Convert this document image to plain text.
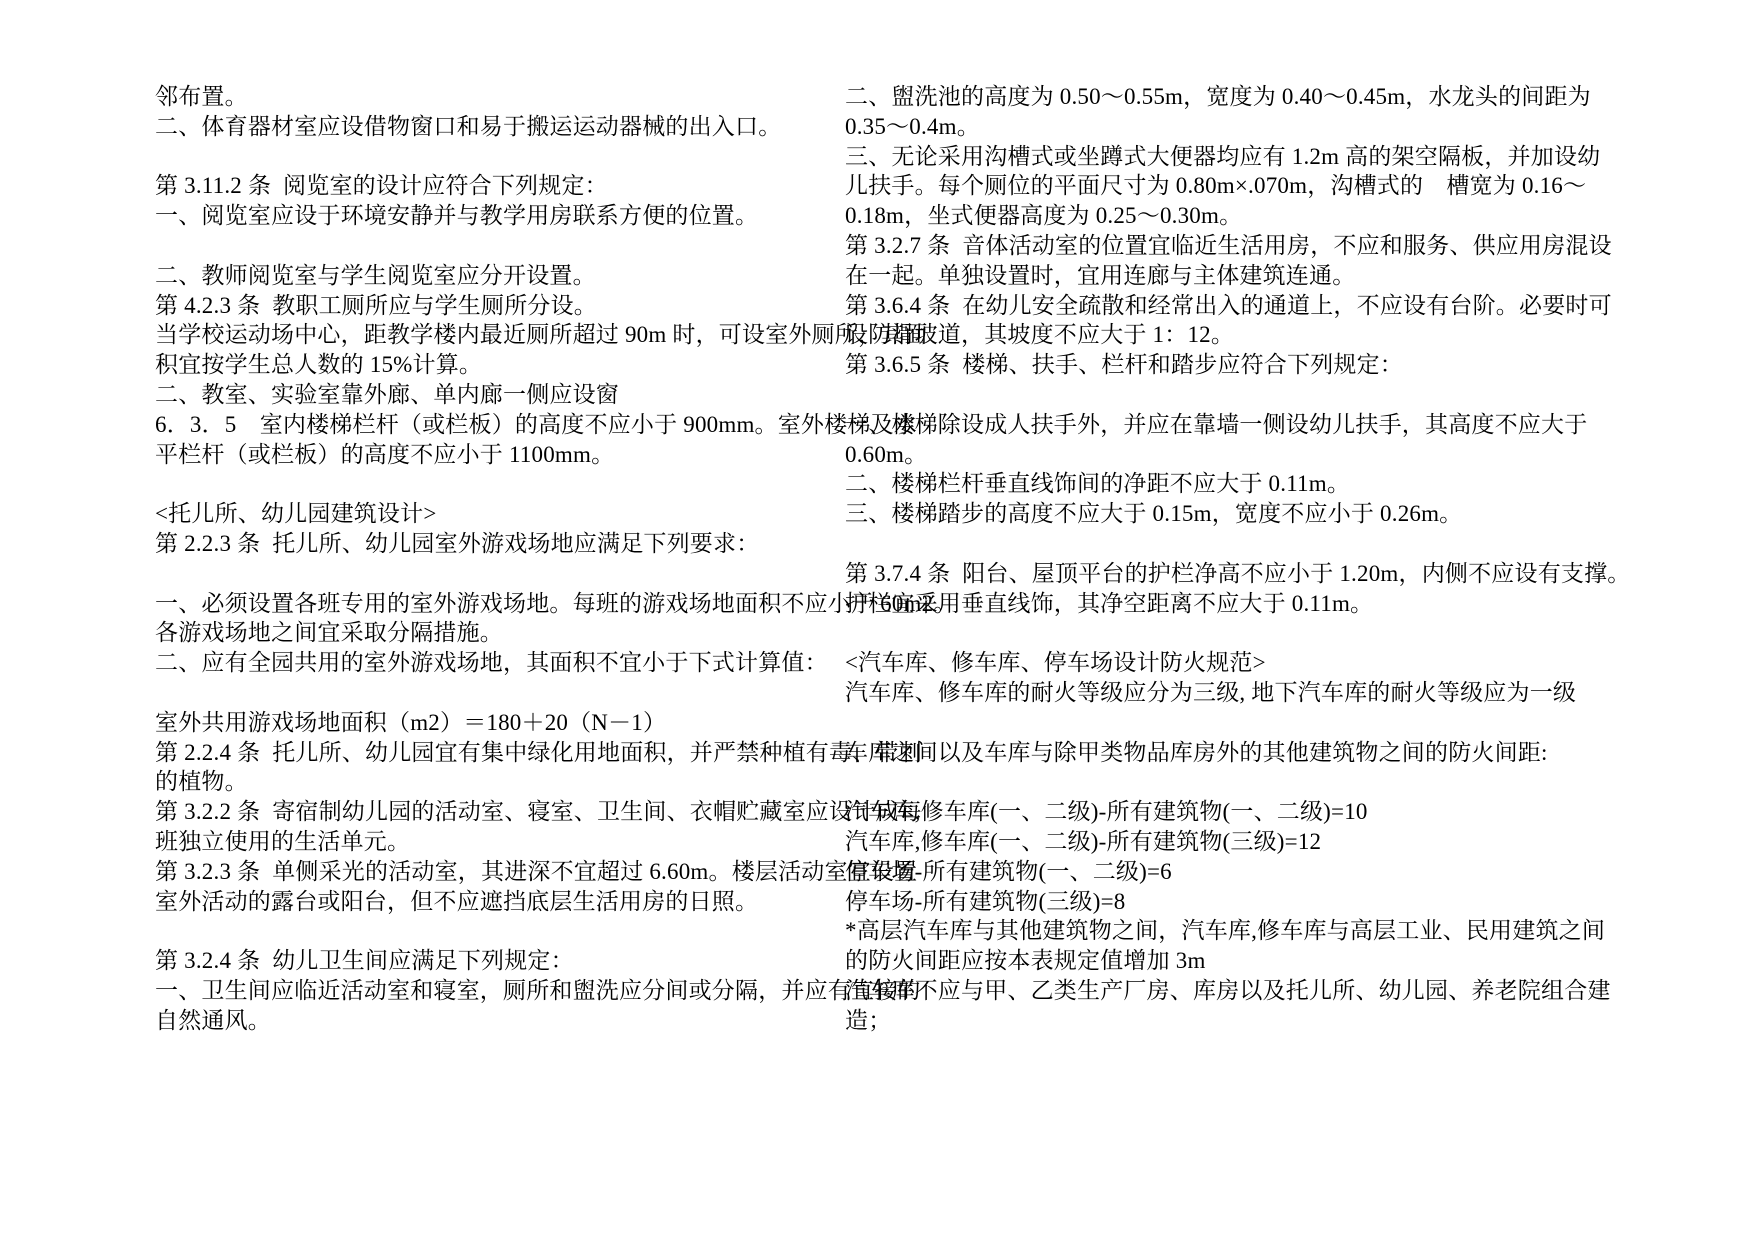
邻布置。
二、体育器材室应设借物窗口和易于搬运运动器械的出入口。

第 3.11.2 条  阅览室的设计应符合下列规定：
一、阅览室应设于环境安静并与教学用房联系方便的位置。

二、教师阅览室与学生阅览室应分开设置。
第 4.2.3 条  教职工厕所应与学生厕所分设。
当学校运动场中心，距教学楼内最近厕所超过 90m 时，可设室外厕所，其面
积宜按学生总人数的 15%计算。
二、教室、实验室靠外廊、单内廊一侧应设窗
6．3．5　室内楼梯栏杆（或栏板）的高度不应小于 900mm。室外楼梯及水
平栏杆（或栏板）的高度不应小于 1100mm。

<托儿所、幼儿园建筑设计>
第 2.2.3 条  托儿所、幼儿园室外游戏场地应满足下列要求：

一、必须设置各班专用的室外游戏场地。每班的游戏场地面积不应小于 60m2。
各游戏场地之间宜采取分隔措施。
二、应有全园共用的室外游戏场地，其面积不宜小于下式计算值：

室外共用游戏场地面积（m2）＝180＋20（N－1）
第 2.2.4 条  托儿所、幼儿园宜有集中绿化用地面积，并严禁种植有毒、带刺
的植物。
第 3.2.2 条  寄宿制幼儿园的活动室、寝室、卫生间、衣帽贮藏室应设计成每
班独立使用的生活单元。
第 3.2.3 条  单侧采光的活动室，其进深不宜超过 6.60m。楼层活动室宜设置
室外活动的露台或阳台，但不应遮挡底层生活用房的日照。

第 3.2.4 条  幼儿卫生间应满足下列规定：
一、卫生间应临近活动室和寝室，厕所和盥洗应分间或分隔，并应有直接的
自然通风。
二、盥洗池的高度为 0.50～0.55m，宽度为 0.40～0.45m，水龙头的间距为
0.35～0.4m。
三、无论采用沟槽式或坐蹲式大便器均应有 1.2m 高的架空隔板，并加设幼
儿扶手。每个厕位的平面尺寸为 0.80m×.070m，沟槽式的　槽宽为 0.16～
0.18m，坐式便器高度为 0.25～0.30m。
第 3.2.7 条  音体活动室的位置宜临近生活用房，不应和服务、供应用房混设
在一起。单独设置时，宜用连廊与主体建筑连通。
第 3.6.4 条  在幼儿安全疏散和经常出入的通道上，不应设有台阶。必要时可
设防滑坡道，其坡度不应大于 1：12。
第 3.6.5 条  楼梯、扶手、栏杆和踏步应符合下列规定：

一、楼梯除设成人扶手外，并应在靠墙一侧设幼儿扶手，其高度不应大于
0.60m。
二、楼梯栏杆垂直线饰间的净距不应大于 0.11m。
三、楼梯踏步的高度不应大于 0.15m，宽度不应小于 0.26m。

第 3.7.4 条  阳台、屋顶平台的护栏净高不应小于 1.20m，内侧不应设有支撑。
护栏宜采用垂直线饰，其净空距离不应大于 0.11m。

<汽车库、修车库、停车场设计防火规范>
汽车库、修车库的耐火等级应分为三级, 地下汽车库的耐火等级应为一级

车库之间以及车库与除甲类物品库房外的其他建筑物之间的防火间距:

汽车库,修车库(一、二级)-所有建筑物(一、二级)=10
汽车库,修车库(一、二级)-所有建筑物(三级)=12
停车场-所有建筑物(一、二级)=6
停车场-所有建筑物(三级)=8
*高层汽车库与其他建筑物之间，汽车库,修车库与高层工业、民用建筑之间
的防火间距应按本表规定值增加 3m
汽车库不应与甲、乙类生产厂房、库房以及托儿所、幼儿园、养老院组合建
造；
